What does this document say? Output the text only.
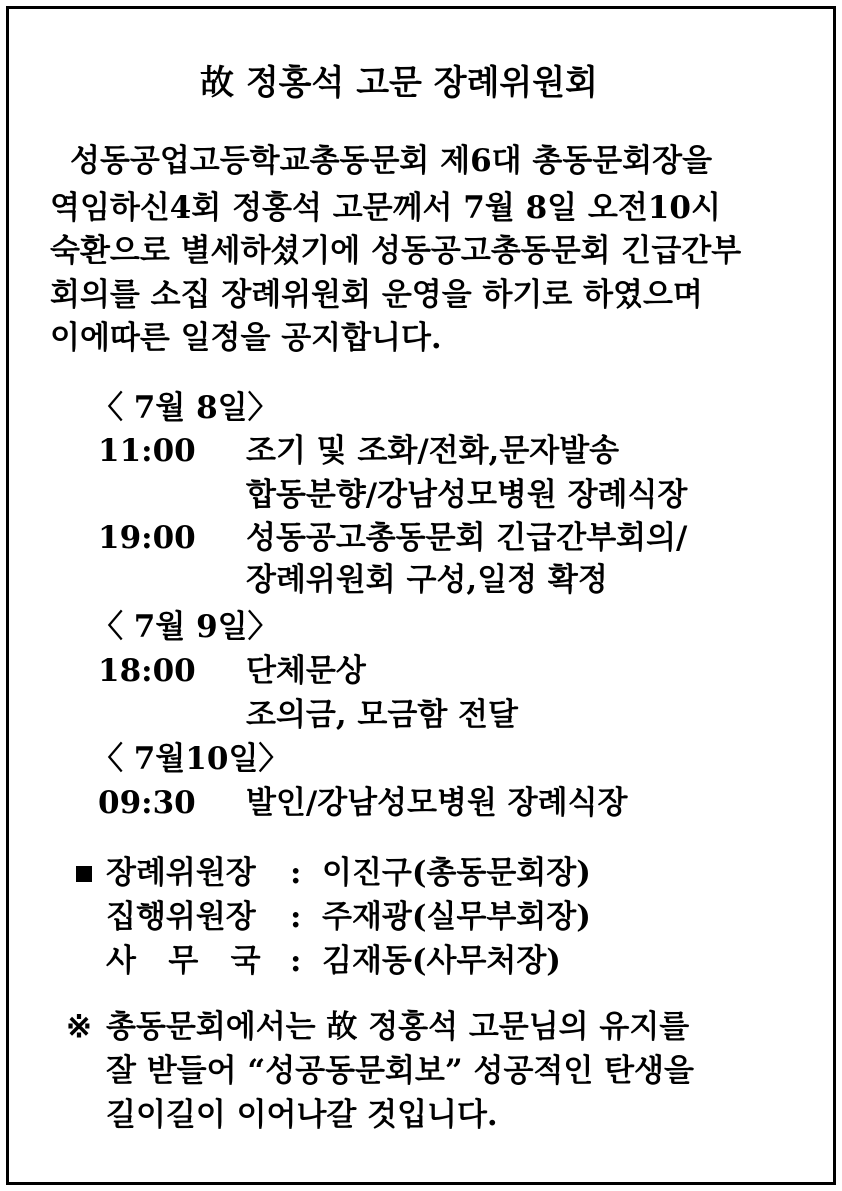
故 정홍석 고문 장례위원회
성동공업고등학교총동문회 제6대 총동문회장을
역임하신4회 정홍석 고문께서 7월 8일 오전10시
숙환으로 별세하셨기에 성동공고총동문회 긴급간부
회의를 소집 장례위원회 운영을 하기로 하였으며
이에따른 일정을 공지합니다.
〈 7월 8일〉
11:00 조기 및 조화/전화,문자발송
합동분향/강남성모병원 장례식장
19:00 성동공고총동문회 긴급간부회의/
장례위원회 구성,일정 확정
〈 7월 9일〉
18:00 단체문상
조의금, 모금함 전달
〈 7월10일〉
09:30 발인/강남성모병원 장례식장
장례위원장 : 이진구(총동문회장)
집행위원장 : 주재광(실무부회장)
사   무   국 : 김재동(사무처장)
※ 총동문회에서는 故 정홍석 고문님의 유지를
잘 받들어 “성공동문회보” 성공적인 탄생을
길이길이 이어나갈 것입니다.
